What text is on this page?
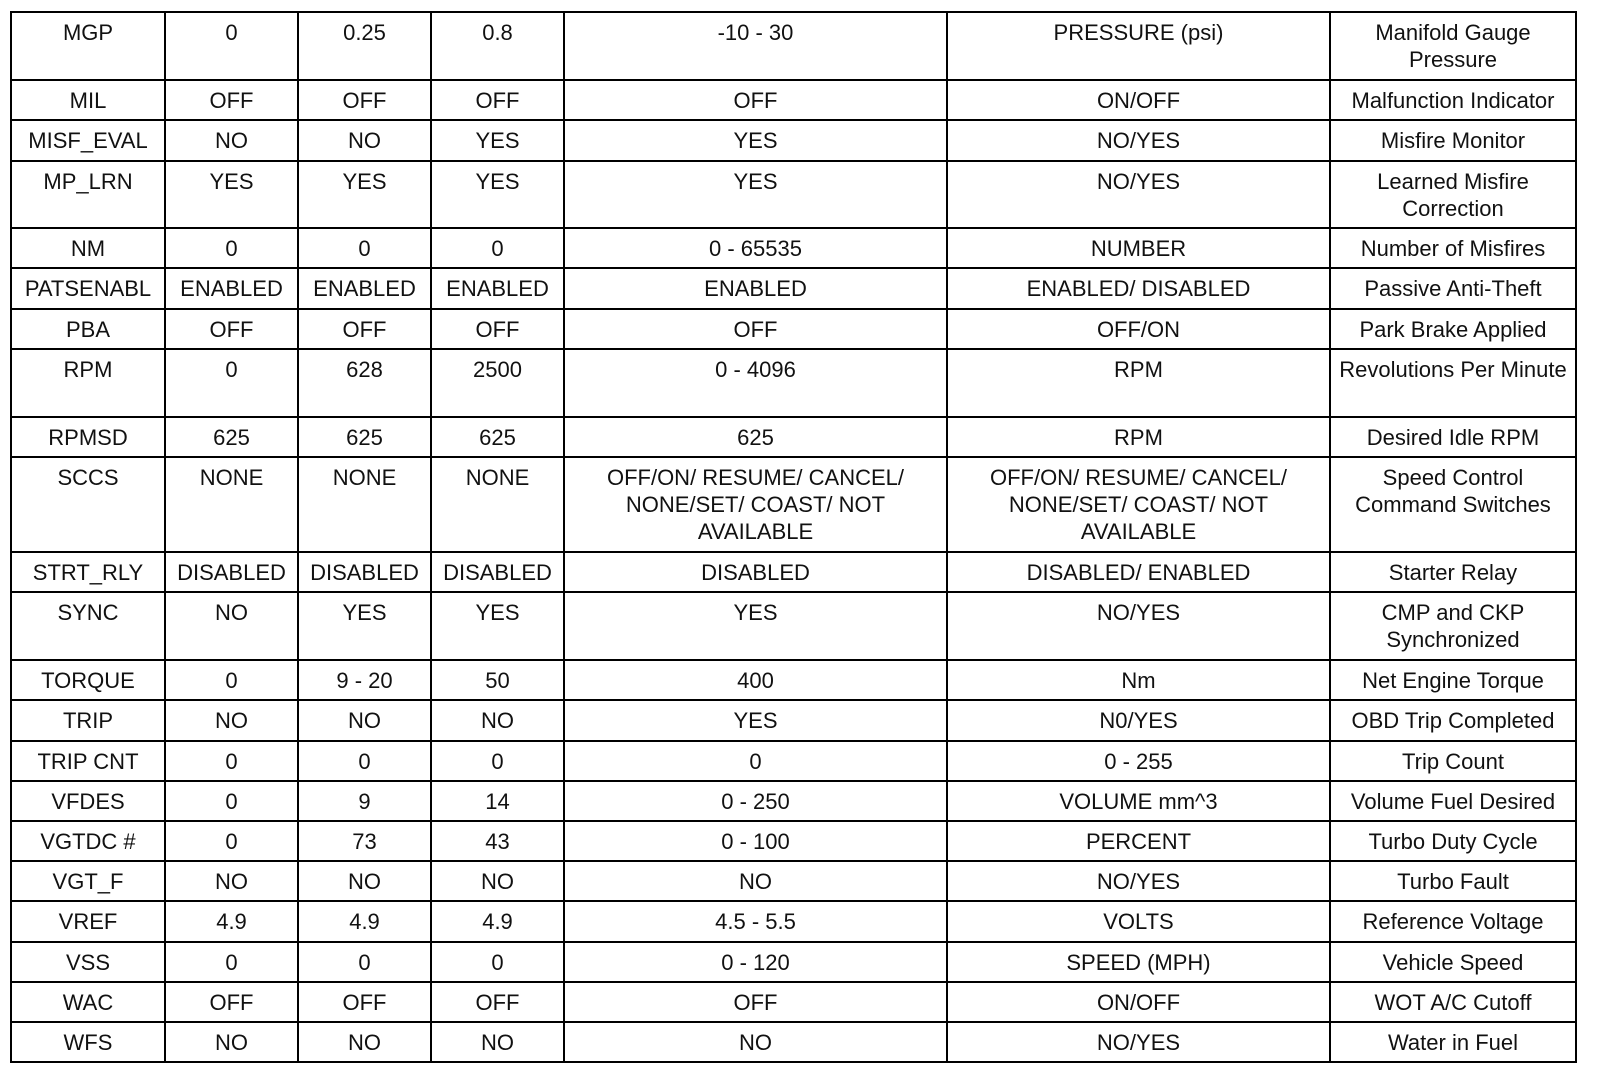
MGP	0	0.25	0.8	-10 - 30	PRESSURE (psi)	Manifold Gauge Pressure
MIL	OFF	OFF	OFF	OFF	ON/OFF	Malfunction Indicator
MISF_EVAL	NO	NO	YES	YES	NO/YES	Misfire Monitor
MP_LRN	YES	YES	YES	YES	NO/YES	Learned Misfire Correction
NM	0	0	0	0 - 65535	NUMBER	Number of Misfires
PATSENABL	ENABLED	ENABLED	ENABLED	ENABLED	ENABLED/ DISABLED	Passive Anti-Theft
PBA	OFF	OFF	OFF	OFF	OFF/ON	Park Brake Applied
RPM	0	628	2500	0 - 4096	RPM	Revolutions Per Minute
RPMSD	625	625	625	625	RPM	Desired Idle RPM
SCCS	NONE	NONE	NONE	OFF/ON/ RESUME/ CANCEL/ NONE/SET/ COAST/ NOT AVAILABLE	OFF/ON/ RESUME/ CANCEL/ NONE/SET/ COAST/ NOT AVAILABLE	Speed Control Command Switches
STRT_RLY	DISABLED	DISABLED	DISABLED	DISABLED	DISABLED/ ENABLED	Starter Relay
SYNC	NO	YES	YES	YES	NO/YES	CMP and CKP Synchronized
TORQUE	0	9 - 20	50	400	Nm	Net Engine Torque
TRIP	NO	NO	NO	YES	N0/YES	OBD Trip Completed
TRIP CNT	0	0	0	0	0 - 255	Trip Count
VFDES	0	9	14	0 - 250	VOLUME mm^3	Volume Fuel Desired
VGTDC #	0	73	43	0 - 100	PERCENT	Turbo Duty Cycle
VGT_F	NO	NO	NO	NO	NO/YES	Turbo Fault
VREF	4.9	4.9	4.9	4.5 - 5.5	VOLTS	Reference Voltage
VSS	0	0	0	0 - 120	SPEED (MPH)	Vehicle Speed
WAC	OFF	OFF	OFF	OFF	ON/OFF	WOT A/C Cutoff
WFS	NO	NO	NO	NO	NO/YES	Water in Fuel
